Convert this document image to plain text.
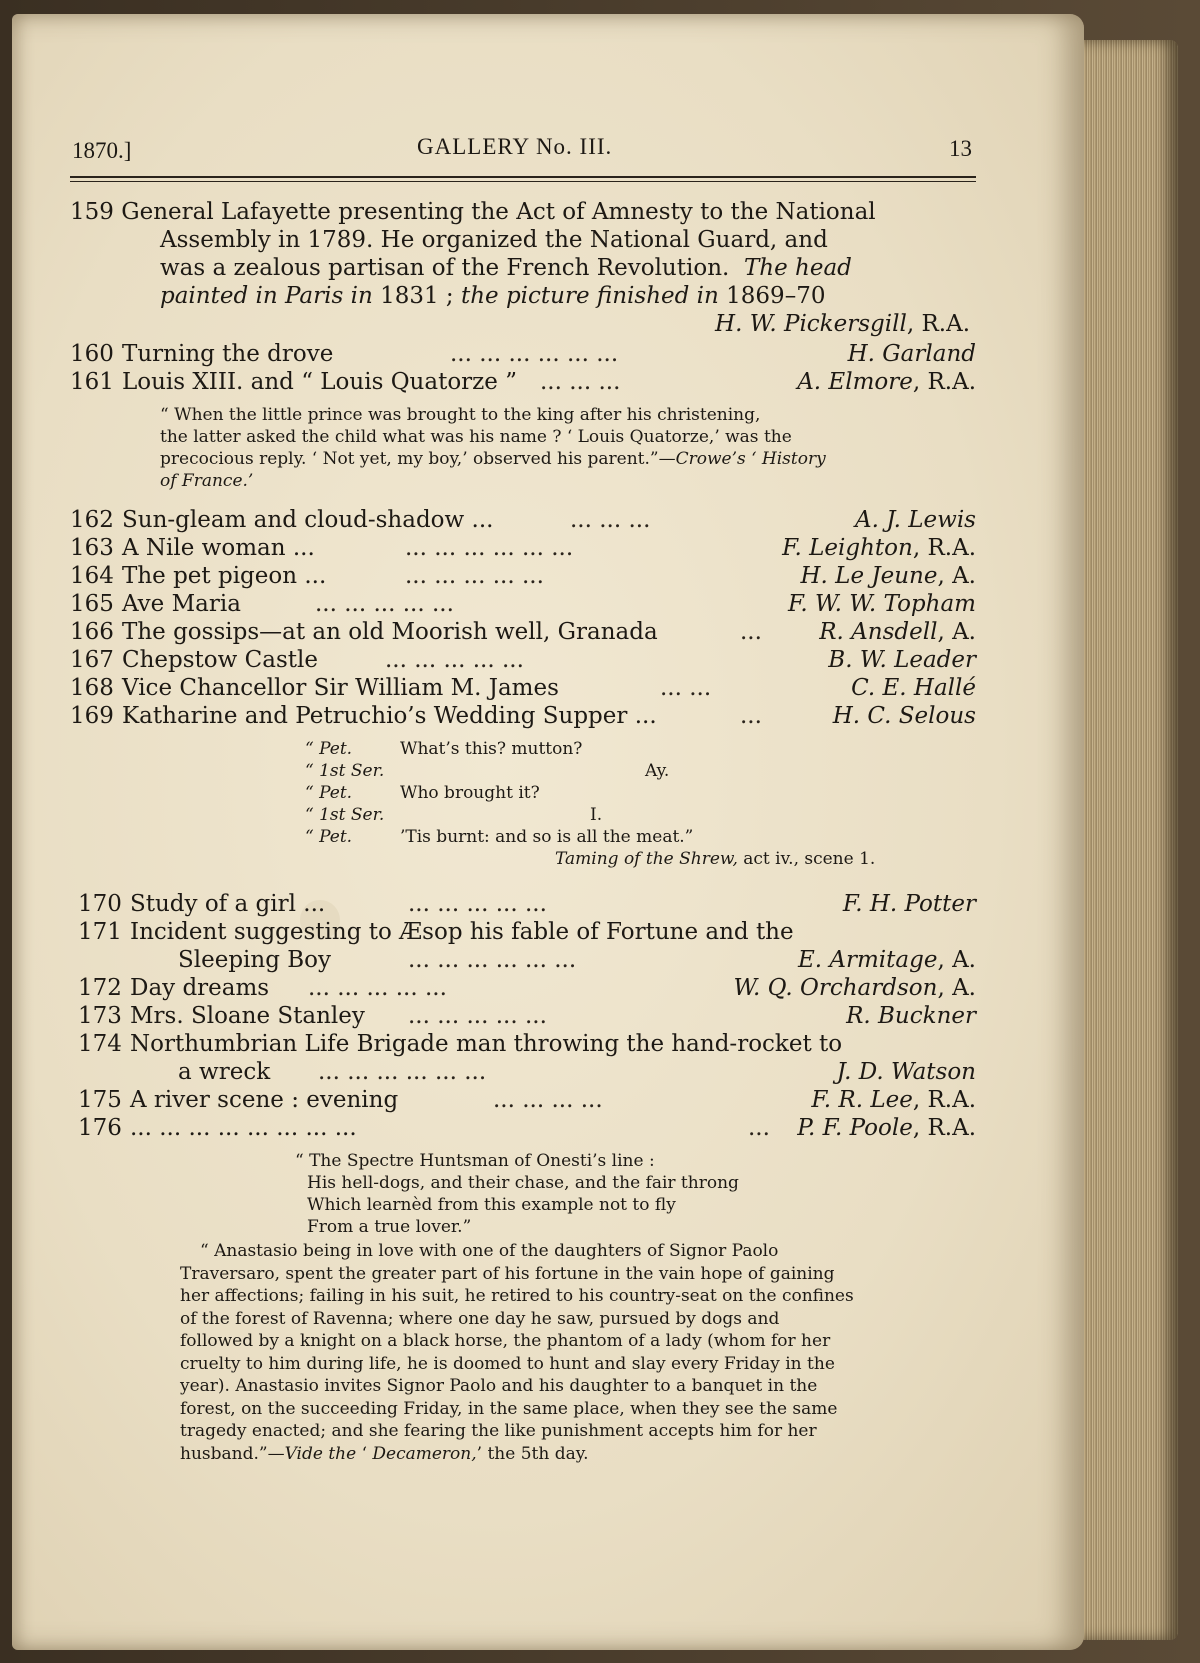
1870.]	GALLERY No. III.	13
159 General Lafayette presenting the Act of Amnesty to the National
Assembly in 1789. He organized the National Guard, and
was a zealous partisan of the French Revolution. The head
painted in Paris in 1831 ; the picture finished in 1869–70
H. W. Pickersgill, R.A.
160 Turning the drove	... ... ... ... ... ...	H. Garland
161 Louis XIII. and “ Louis Quatorze ” ... ... ...	A. Elmore, R.A.
“ When the little prince was brought to the king after his christening,
the latter asked the child what was his name ? ‘ Louis Quatorze,’ was the
precocious reply. ‘ Not yet, my boy,’ observed his parent.”—Crowe’s ‘ History
of France.’
162 Sun-gleam and cloud-shadow ...	... ... ...	A. J. Lewis
163 A Nile woman ...	... ... ... ... ... ...	F. Leighton, R.A.
164 The pet pigeon ...	... ... ... ... ...	H. Le Jeune, A.
165 Ave Maria	... ... ... ... ...	F. W. W. Topham
166 The gossips—at an old Moorish well, Granada	... R. Ansdell, A.
167 Chepstow Castle	... ... ... ... ...	B. W. Leader
168 Vice Chancellor Sir William M. James	... ...	C. E. Hallé
169 Katharine and Petruchio’s Wedding Supper ...	...	H. C. Selous
“ Pet.	What’s this? mutton?
“ 1st Ser.	Ay.
“ Pet.	Who brought it?
“ 1st Ser.	I.
“ Pet.	’Tis burnt: and so is all the meat.”
Taming of the Shrew, act iv., scene 1.
170 Study of a girl ...	... ... ... ... ...	F. H. Potter
171 Incident suggesting to Æsop his fable of Fortune and the
Sleeping Boy	... ... ... ... ... ...	E. Armitage, A.
172 Day dreams ... ... ... ... ...	W. Q. Orchardson, A.
173 Mrs. Sloane Stanley ... ... ... ... ...	R. Buckner
174 Northumbrian Life Brigade man throwing the hand-rocket to
a wreck ... ... ... ... ... ...	J. D. Watson
175 A river scene : evening	... ... ... ...	F. R. Lee, R.A.
176 ... ... ... ... ... ... ... ...	... P. F. Poole, R.A.
“ The Spectre Huntsman of Onesti’s line :
His hell-dogs, and their chase, and the fair throng
Which learnèd from this example not to fly
From a true lover.”
“ Anastasio being in love with one of the daughters of Signor Paolo
Traversaro, spent the greater part of his fortune in the vain hope of gaining
her affections; failing in his suit, he retired to his country-seat on the confines
of the forest of Ravenna; where one day he saw, pursued by dogs and
followed by a knight on a black horse, the phantom of a lady (whom for her
cruelty to him during life, he is doomed to hunt and slay every Friday in the
year). Anastasio invites Signor Paolo and his daughter to a banquet in the
forest, on the succeeding Friday, in the same place, when they see the same
tragedy enacted; and she fearing the like punishment accepts him for her
husband.”—Vide the ‘ Decameron,’ the 5th day.
